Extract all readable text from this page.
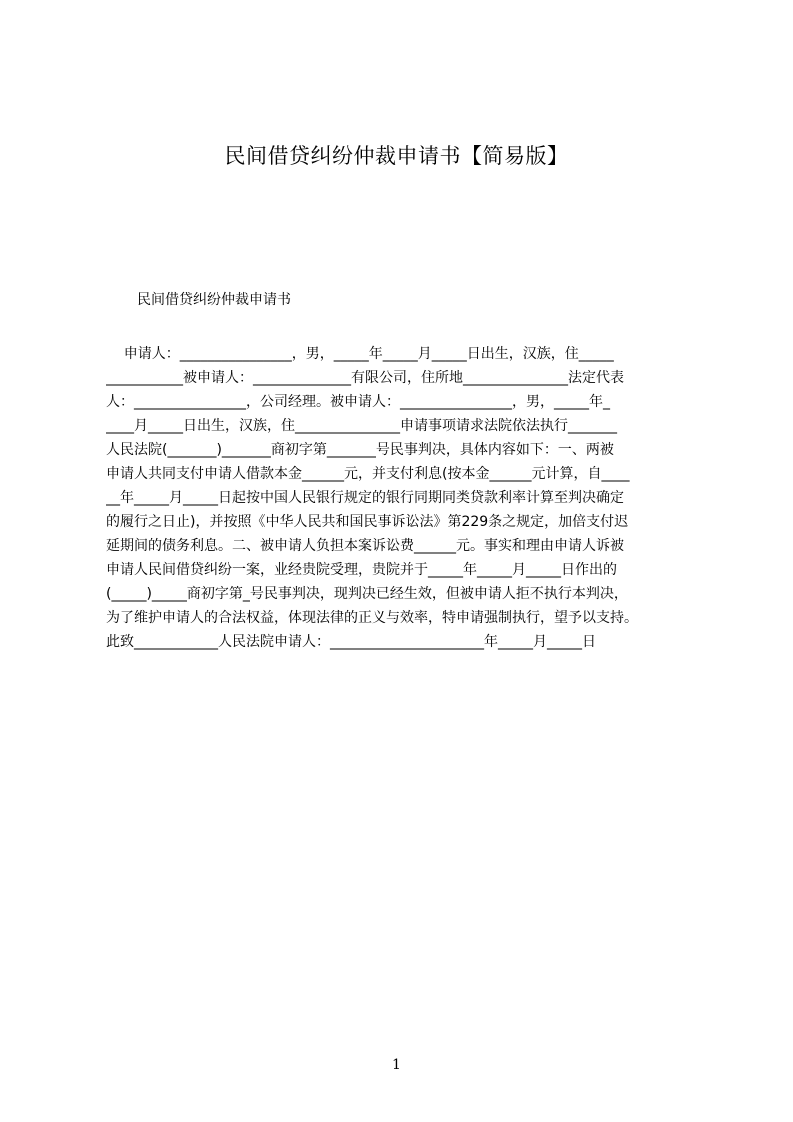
民间借贷纠纷仲裁申请书【简易版】
民间借贷纠纷仲裁申请书
申请人：________________，男，_____年_____月_____日出生，汉族，住_____
___________被申请人：______________有限公司，住所地_______________法定代表
人：________________，公司经理。被申请人：________________，男，_____年_
____月_____日出生，汉族，住_______________申请事项请求法院依法执行_______
人民法院(_______)_______商初字第_______号民事判决，具体内容如下：一、两被
申请人共同支付申请人借款本金______元，并支付利息(按本金______元计算，自____
__年_____月_____日起按中国人民银行规定的银行同期同类贷款利率计算至判决确定
的履行之日止)，并按照《中华人民共和国民事诉讼法》第229条之规定，加倍支付迟
延期间的债务利息。二、被申请人负担本案诉讼费______元。事实和理由申请人诉被
申请人民间借贷纠纷一案，业经贵院受理，贵院并于_____年_____月_____日作出的
(_____)_____商初字第_号民事判决，现判决已经生效，但被申请人拒不执行本判决，
为了维护申请人的合法权益，体现法律的正义与效率，特申请强制执行，望予以支持。
此致____________人民法院申请人：______________________年_____月_____日
1
